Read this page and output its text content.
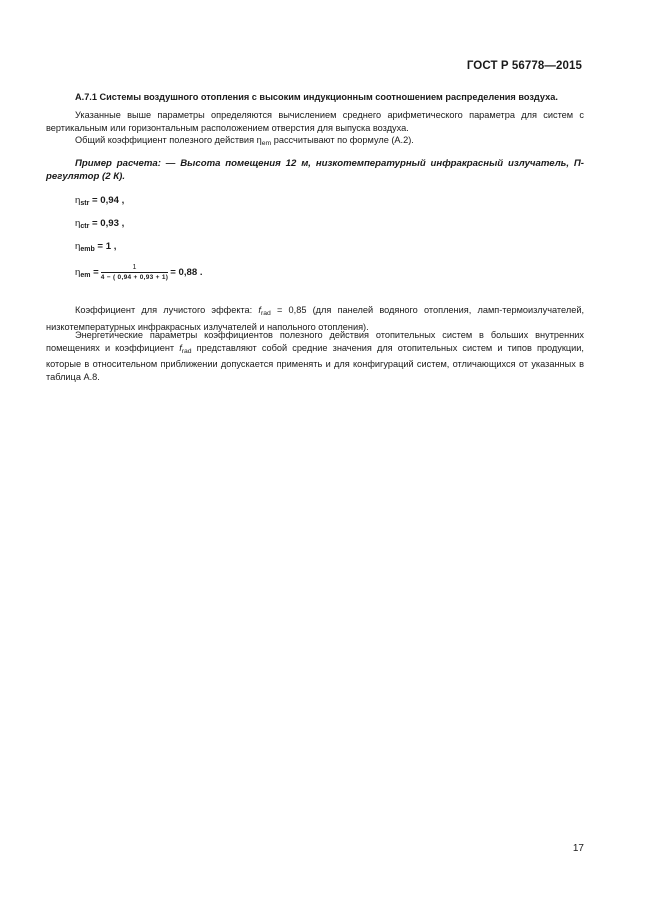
ГОСТ Р 56778—2015
А.7.1 Системы воздушного отопления с высоким индукционным соотношением распределения воздуха.
Указанные выше параметры определяются вычислением среднего арифметического параметра для систем с вертикальным или горизонтальным расположением отверстия для выпуска воздуха.
Общий коэффициент полезного действия $\eta_{em}$ рассчитывают по формуле (А.2).
Пример расчета: — Высота помещения 12 м, низкотемпературный инфракрасный излучатель, П-регулятор (2 К).
$\eta_{str} = 0,94$ ,
$\eta_{ctr} = 0,93$ ,
$\eta_{emb} = 1$ ,
$\eta_{em} = \frac{1}{4 - ( 0,94 + 0,93 + 1)} = 0,88$ .
Коэффициент для лучистого эффекта: $f_{rad} = 0,85$ (для панелей водяного отопления, ламп-термоизлучателей, низкотемпературных инфракрасных излучателей и напольного отопления).
Энергетические параметры коэффициентов полезного действия отопительных систем в больших внутренних помещениях и коэффициент $f_{rad}$ представляют собой средние значения для отопительных систем и типов продукции, которые в относительном приближении допускается применять и для конфигураций систем, отличающихся от указанных в таблица А.8.
17
